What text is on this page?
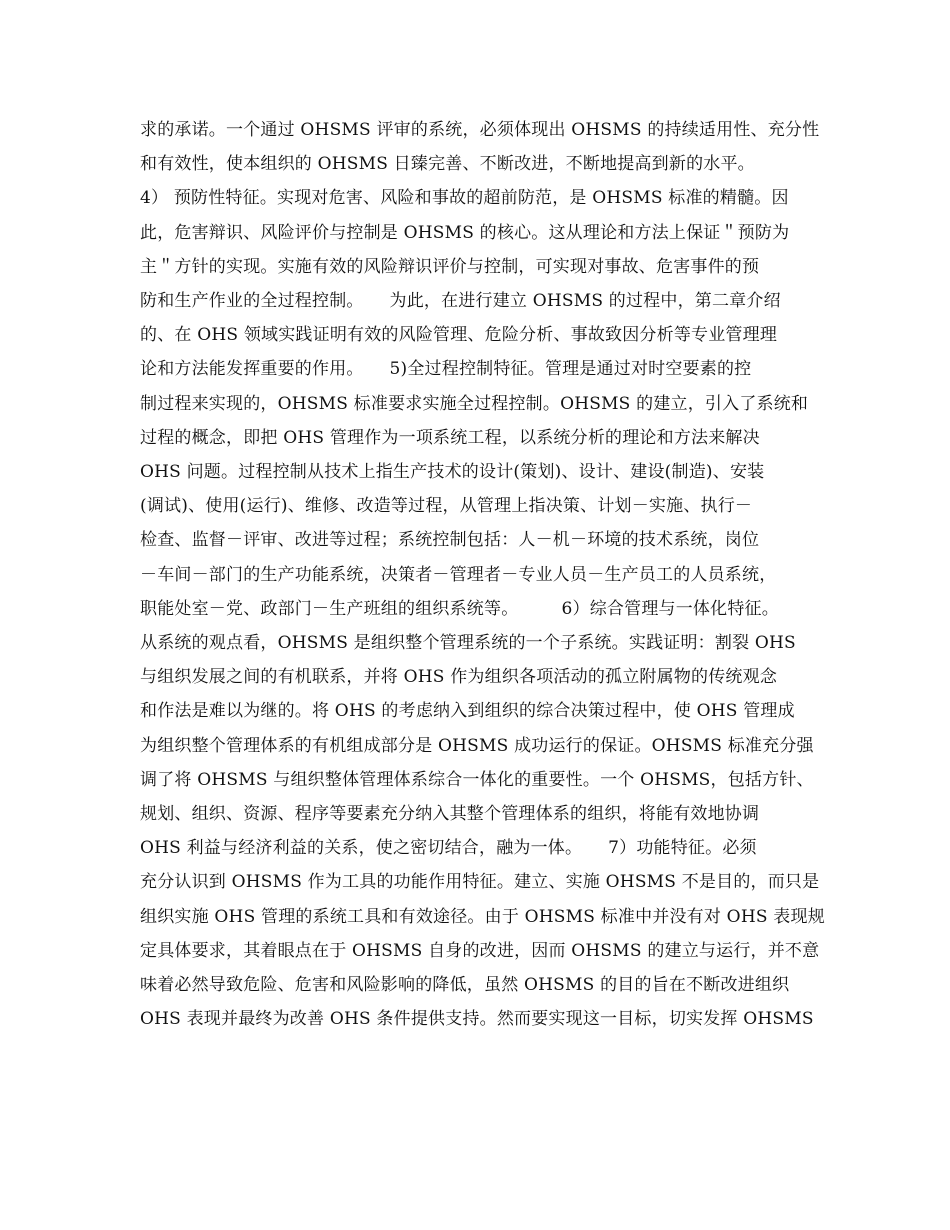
求的承诺。一个通过 OHSMS 评审的系统，必须体现出 OHSMS 的持续适用性、充分性
和有效性，使本组织的 OHSMS 日臻完善、不断改进，不断地提高到新的水平。
4） 预防性特征。实现对危害、风险和事故的超前防范，是 OHSMS 标准的精髓。因
此，危害辩识、风险评价与控制是 OHSMS 的核心。这从理论和方法上保证＂预防为
主＂方针的实现。实施有效的风险辩识评价与控制，可实现对事故、危害事件的预
防和生产作业的全过程控制。　　为此，在进行建立 OHSMS 的过程中，第二章介绍
的、在 OHS 领域实践证明有效的风险管理、危险分析、事故致因分析等专业管理理
论和方法能发挥重要的作用。　　5)全过程控制特征。管理是通过对时空要素的控
制过程来实现的，OHSMS 标准要求实施全过程控制。OHSMS 的建立，引入了系统和
过程的概念，即把 OHS 管理作为一项系统工程，以系统分析的理论和方法来解决
OHS 问题。过程控制从技术上指生产技术的设计(策划)、设计、建设(制造)、安装
(调试)、使用(运行)、维修、改造等过程，从管理上指决策、计划－实施、执行－
检查、监督－评审、改进等过程；系统控制包括：人－机－环境的技术系统，岗位
－车间－部门的生产功能系统，决策者－管理者－专业人员－生产员工的人员系统，
职能处室－党、政部门－生产班组的组织系统等。　　　6）综合管理与一体化特征。
从系统的观点看，OHSMS 是组织整个管理系统的一个子系统。实践证明：割裂 OHS
与组织发展之间的有机联系，并将 OHS 作为组织各项活动的孤立附属物的传统观念
和作法是难以为继的。将 OHS 的考虑纳入到组织的综合决策过程中，使 OHS 管理成
为组织整个管理体系的有机组成部分是 OHSMS 成功运行的保证。OHSMS 标准充分强
调了将 OHSMS 与组织整体管理体系综合一体化的重要性。一个 OHSMS，包括方针、
规划、组织、资源、程序等要素充分纳入其整个管理体系的组织，将能有效地协调
OHS 利益与经济利益的关系，使之密切结合，融为一体。　　7）功能特征。必须
充分认识到 OHSMS 作为工具的功能作用特征。建立、实施 OHSMS 不是目的，而只是
组织实施 OHS 管理的系统工具和有效途径。由于 OHSMS 标准中并没有对 OHS 表现规
定具体要求，其着眼点在于 OHSMS 自身的改进，因而 OHSMS 的建立与运行，并不意
味着必然导致危险、危害和风险影响的降低，虽然 OHSMS 的目的旨在不断改进组织
OHS 表现并最终为改善 OHS 条件提供支持。然而要实现这一目标，切实发挥 OHSMS
